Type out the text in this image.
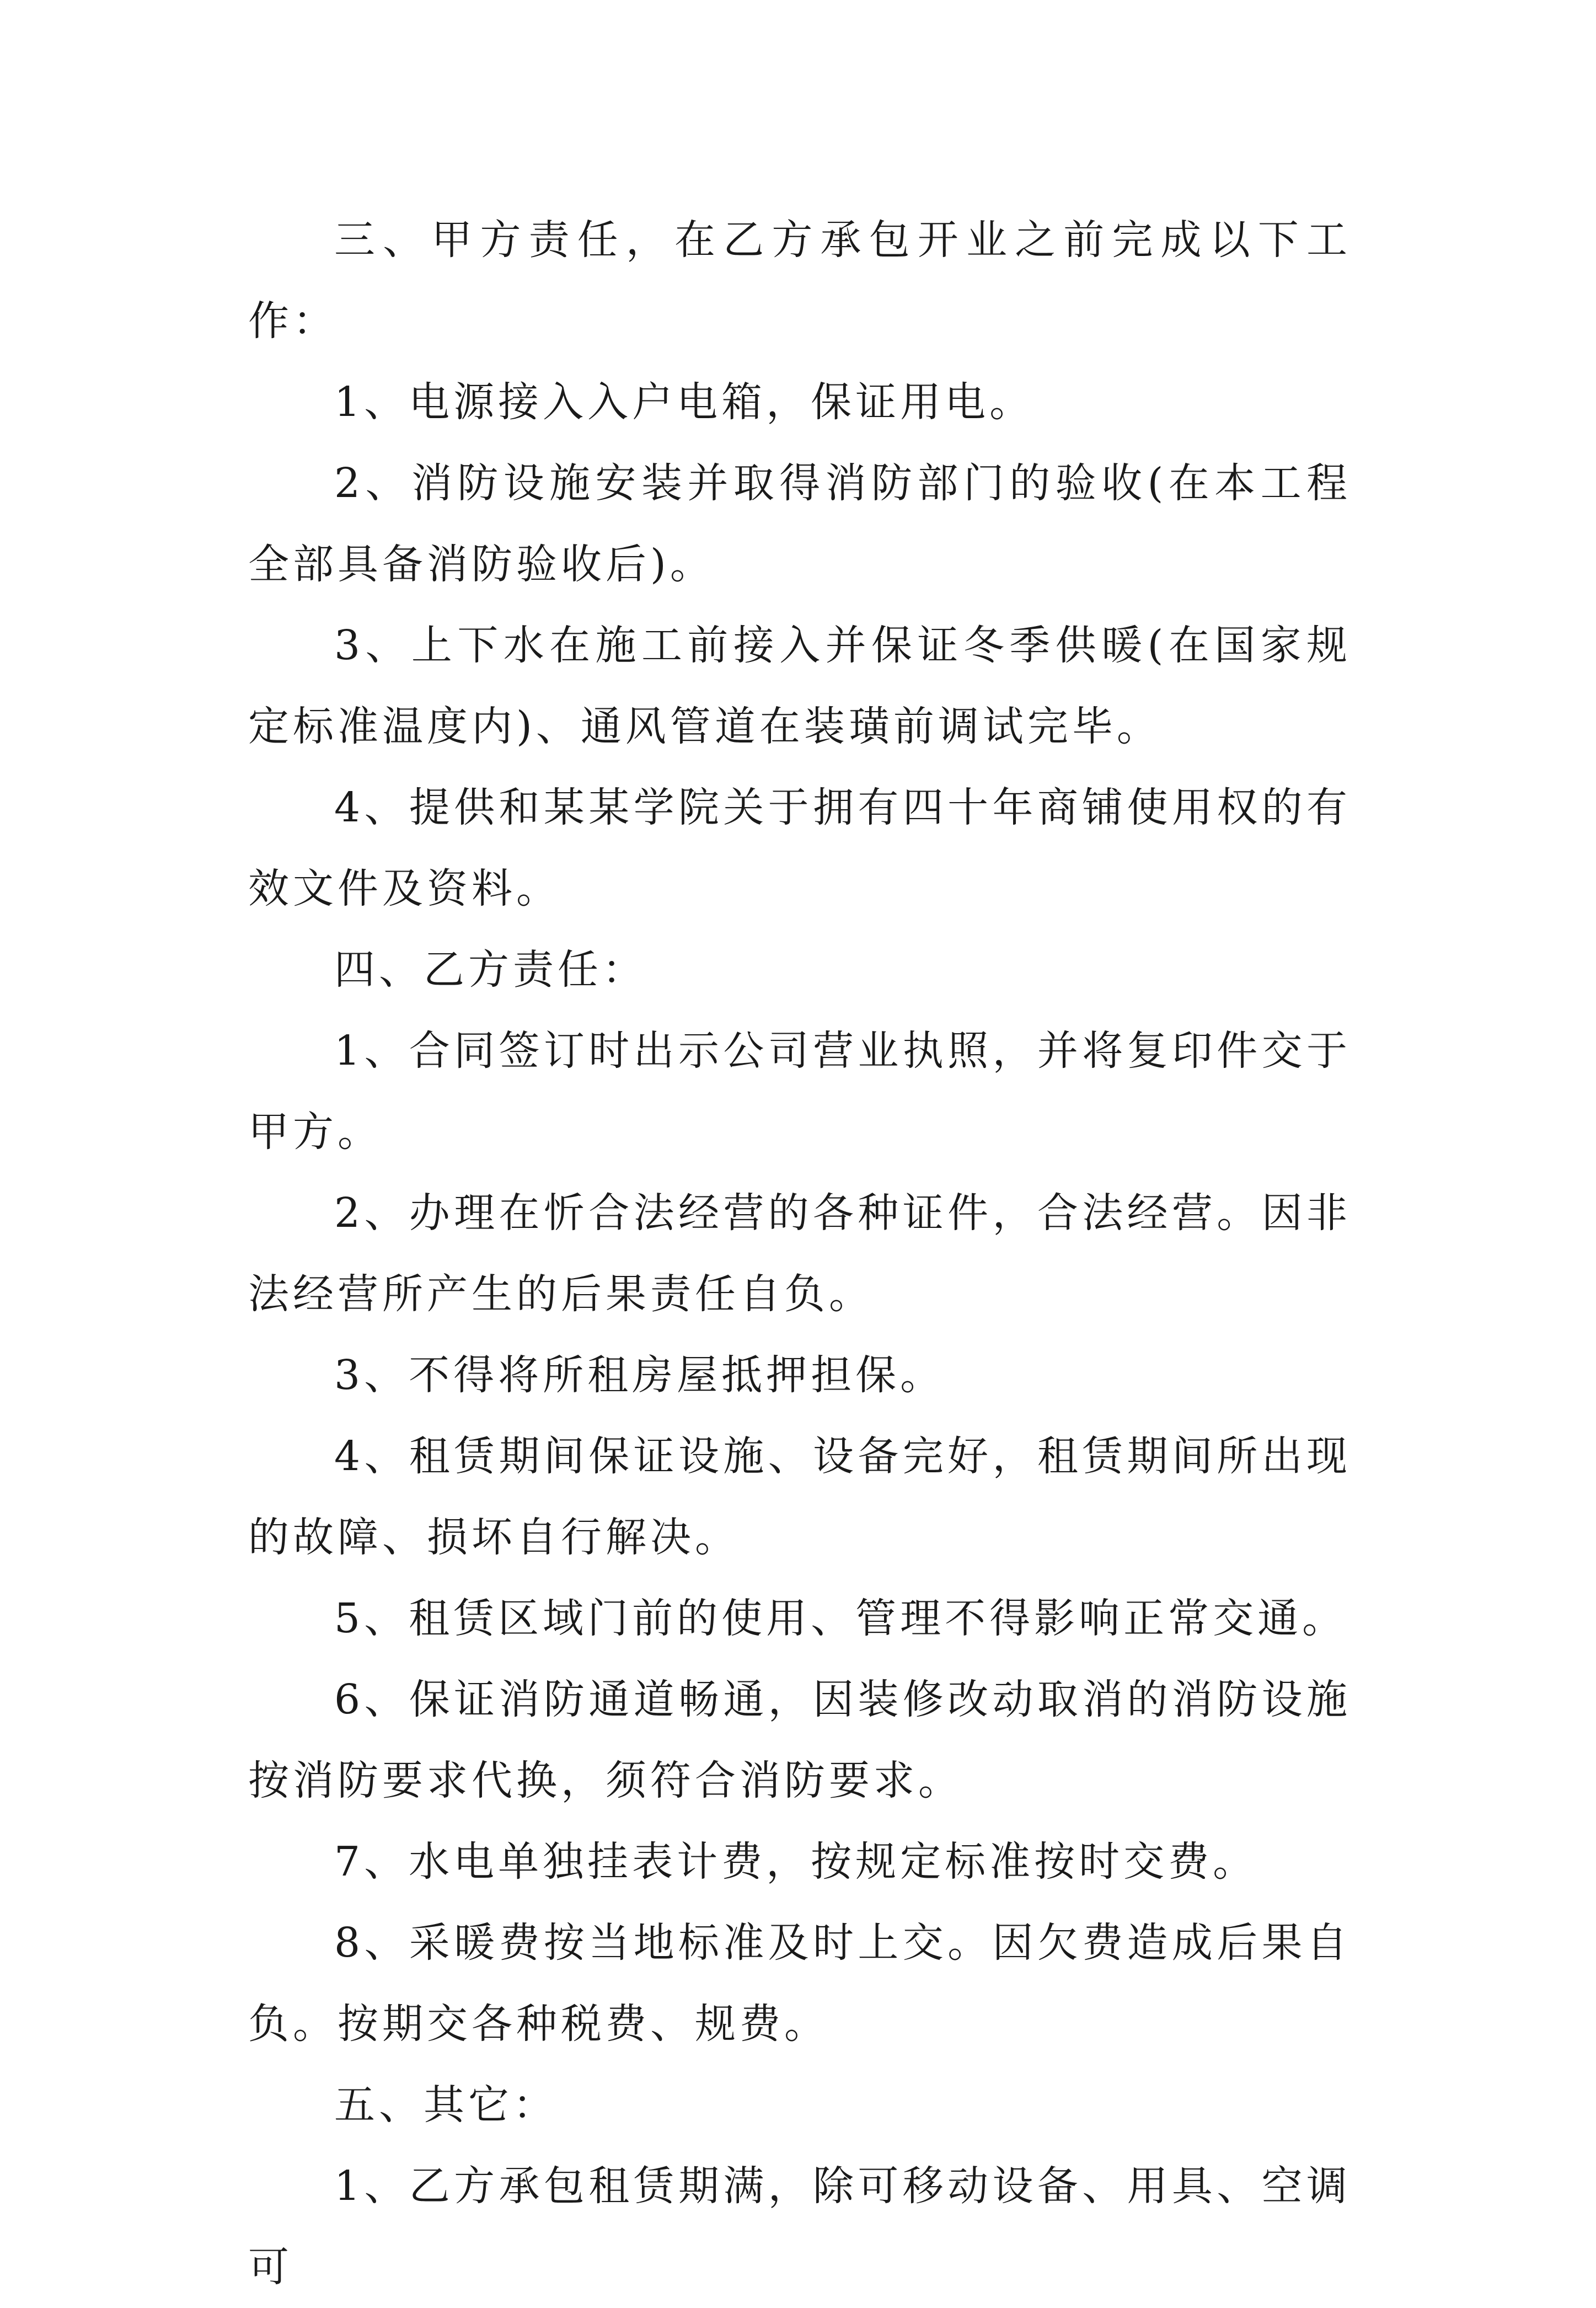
三、甲方责任，在乙方承包开业之前完成以下工作：

1、电源接入入户电箱，保证用电。

2、消防设施安装并取得消防部门的验收(在本工程全部具备消防验收后)。

3、上下水在施工前接入并保证冬季供暖(在国家规定标准温度内)、通风管道在装璜前调试完毕。

4、提供和某某学院关于拥有四十年商铺使用权的有效文件及资料。

四、乙方责任：

1、合同签订时出示公司营业执照，并将复印件交于甲方。

2、办理在忻合法经营的各种证件，合法经营。因非法经营所产生的后果责任自负。

3、不得将所租房屋抵押担保。

4、租赁期间保证设施、设备完好，租赁期间所出现的故障、损坏自行解决。

5、租赁区域门前的使用、管理不得影响正常交通。

6、保证消防通道畅通，因装修改动取消的消防设施按消防要求代换，须符合消防要求。

7、水电单独挂表计费，按规定标准按时交费。

8、采暖费按当地标准及时上交。因欠费造成后果自负。按期交各种税费、规费。

五、其它：

1、乙方承包租赁期满，除可移动设备、用具、空调可
